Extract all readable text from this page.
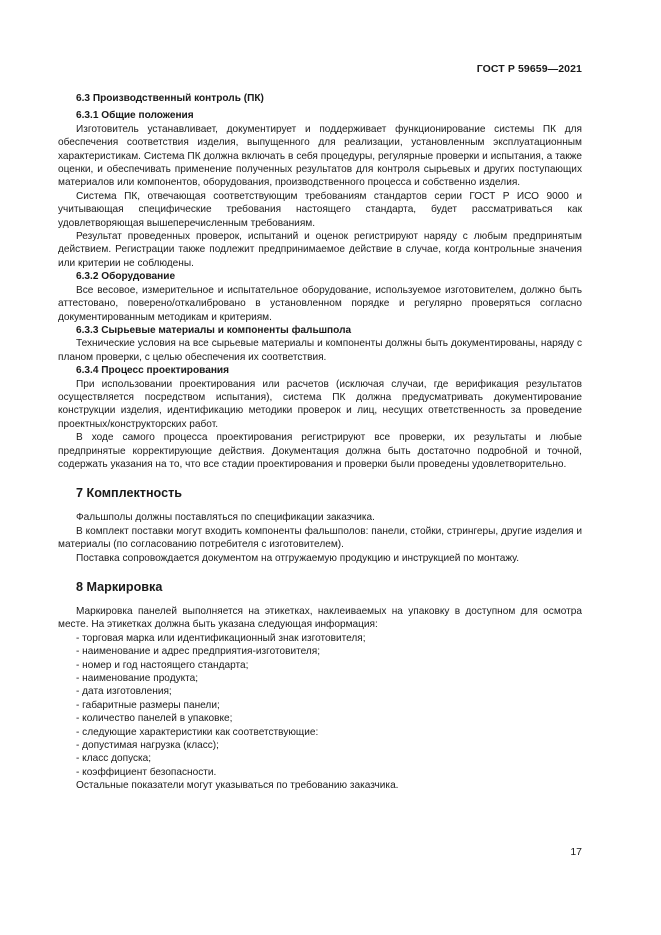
ГОСТ Р 59659—2021
6.3 Производственный контроль (ПК)
6.3.1 Общие положения

Изготовитель устанавливает, документирует и поддерживает функционирование системы ПК для обеспечения соответствия изделия, выпущенного для реализации, установленным эксплуатационным характеристикам. Система ПК должна включать в себя процедуры, регулярные проверки и испытания, а также оценки, и обеспечивать применение полученных результатов для контроля сырьевых и других поступающих материалов или компонентов, оборудования, производственного процесса и собственно изделия.

Система ПК, отвечающая соответствующим требованиям стандартов серии ГОСТ Р ИСО 9000 и учитывающая специфические требования настоящего стандарта, будет рассматриваться как удовлетворяющая вышеперечисленным требованиям.

Результат проведенных проверок, испытаний и оценок регистрируют наряду с любым предпринятым действием. Регистрации также подлежит предпринимаемое действие в случае, когда контрольные значения или критерии не соблюдены.

6.3.2 Оборудование

Все весовое, измерительное и испытательное оборудование, используемое изготовителем, должно быть аттестовано, поверено/откалибровано в установленном порядке и регулярно проверяться согласно документированным методикам и критериям.

6.3.3 Сырьевые материалы и компоненты фальшпола

Технические условия на все сырьевые материалы и компоненты должны быть документированы, наряду с планом проверки, с целью обеспечения их соответствия.

6.3.4 Процесс проектирования

При использовании проектирования или расчетов (исключая случаи, где верификация результатов осуществляется посредством испытания), система ПК должна предусматривать документирование конструкции изделия, идентификацию методики проверок и лиц, несущих ответственность за проведение проектных/конструкторских работ.

В ходе самого процесса проектирования регистрируют все проверки, их результаты и любые предпринятые корректирующие действия. Документация должна быть достаточно подробной и точной, содержать указания на то, что все стадии проектирования и проверки были проведены удовлетворительно.

7 Комплектность

Фальшполы должны поставляться по спецификации заказчика.

В комплект поставки могут входить компоненты фальшполов: панели, стойки, стрингеры, другие изделия и материалы (по согласованию потребителя с изготовителем).

Поставка сопровождается документом на отгружаемую продукцию и инструкцией по монтажу.

8 Маркировка

Маркировка панелей выполняется на этикетках, наклеиваемых на упаковку в доступном для осмотра месте. На этикетках должна быть указана следующая информация:

- торговая марка или идентификационный знак изготовителя;
- наименование и адрес предприятия-изготовителя;
- номер и год настоящего стандарта;
- наименование продукта;
- дата изготовления;
- габаритные размеры панели;
- количество панелей в упаковке;
- следующие характеристики как соответствующие:
- допустимая нагрузка (класс);
- класс допуска;
- коэффициент безопасности.

Остальные показатели могут указываться по требованию заказчика.

17
